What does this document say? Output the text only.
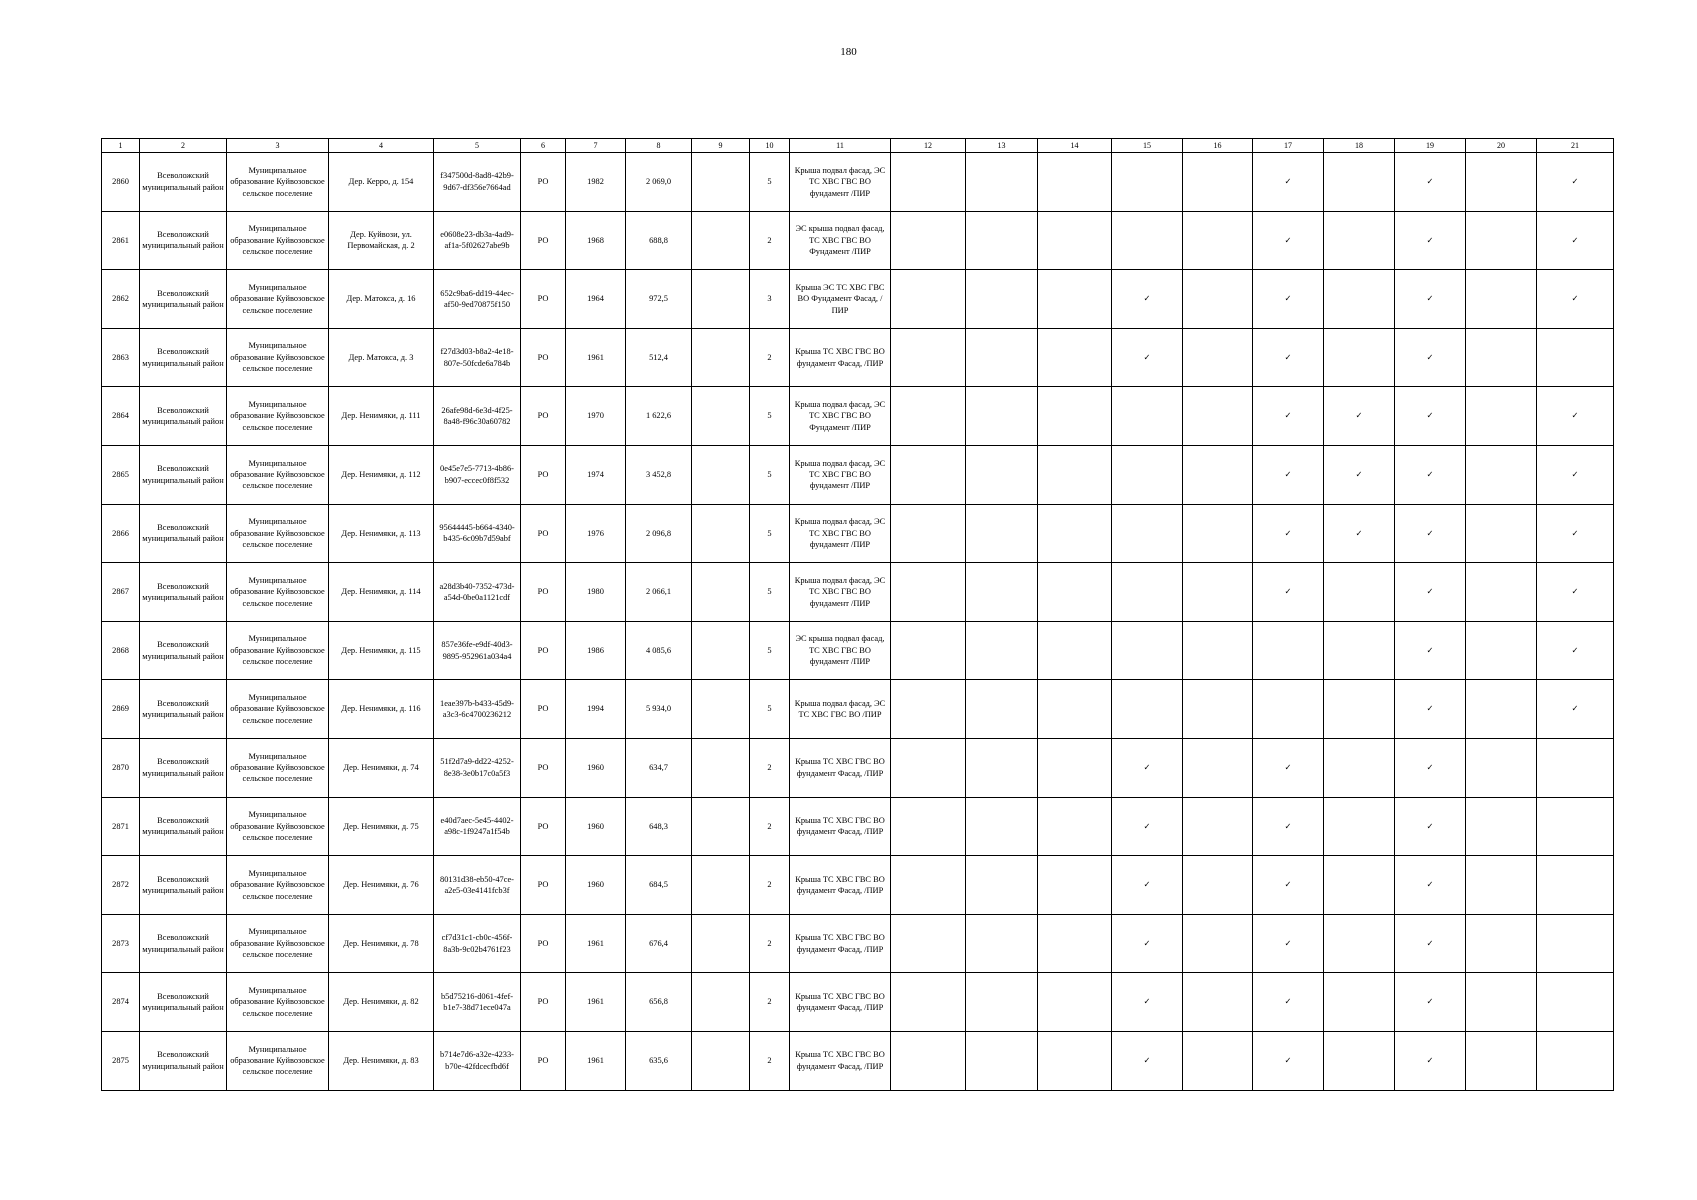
180
1	2	3	4	5	6	7	8	9	10	11	12	13	14	15	16	17	18	19	20	21
2860	Всеволожский муниципальный район	Муниципальное образование Куйвозовское сельское поселение	Дер. Керро, д. 154	f347500d-8ad8-42b9-9d67-df356e7664ad	РО	1982	2 069,0		5	Крыша подвал фасад, ЭС ТС ХВС ГВС ВО фундамент /ПИР						✓		✓		✓
2861	Всеволожский муниципальный район	Муниципальное образование Куйвозовское сельское поселение	Дер. Куйвози, ул. Первомайская, д. 2	e0608e23-db3a-4ad9-af1a-5f02627abe9b	РО	1968	688,8		2	ЭС крыша подвал фасад, ТС ХВС ГВС ВО Фундамент /ПИР						✓		✓		✓
2862	Всеволожский муниципальный район	Муниципальное образование Куйвозовское сельское поселение	Дер. Матокса, д. 16	652c9ba6-dd19-44ec-af50-9ed70875f150	РО	1964	972,5		3	Крыша ЭС ТС ХВС ГВС ВО Фундамент Фасад, /ПИР				✓		✓		✓		✓
2863	Всеволожский муниципальный район	Муниципальное образование Куйвозовское сельское поселение	Дер. Матокса, д. 3	f27d3d03-b8a2-4e18-807e-50fcde6a784b	РО	1961	512,4		2	Крыша ТС ХВС ГВС ВО фундамент Фасад, /ПИР				✓		✓		✓		
2864	Всеволожский муниципальный район	Муниципальное образование Куйвозовское сельское поселение	Дер. Ненимяки, д. 111	26afe98d-6e3d-4f25-8a48-f96c30a60782	РО	1970	1 622,6		5	Крыша подвал фасад, ЭС ТС ХВС ГВС ВО Фундамент /ПИР						✓	✓	✓		✓
2865	Всеволожский муниципальный район	Муниципальное образование Куйвозовское сельское поселение	Дер. Ненимяки, д. 112	0e45e7e5-7713-4b86-b907-eccec0f8f532	РО	1974	3 452,8		5	Крыша подвал фасад, ЭС ТС ХВС ГВС ВО фундамент /ПИР						✓	✓	✓		✓
2866	Всеволожский муниципальный район	Муниципальное образование Куйвозовское сельское поселение	Дер. Ненимяки, д. 113	95644445-b664-4340-b435-6c09b7d59abf	РО	1976	2 096,8		5	Крыша подвал фасад, ЭС ТС ХВС ГВС ВО фундамент /ПИР						✓	✓	✓		✓
2867	Всеволожский муниципальный район	Муниципальное образование Куйвозовское сельское поселение	Дер. Ненимяки, д. 114	a28d3b40-7352-473d-a54d-0be0a1121cdf	РО	1980	2 066,1		5	Крыша подвал фасад, ЭС ТС ХВС ГВС ВО фундамент /ПИР						✓		✓		✓
2868	Всеволожский муниципальный район	Муниципальное образование Куйвозовское сельское поселение	Дер. Ненимяки, д. 115	857e36fe-e9df-40d3-9895-952961a034a4	РО	1986	4 085,6		5	ЭС крыша подвал фасад, ТС ХВС ГВС ВО фундамент /ПИР								✓		✓
2869	Всеволожский муниципальный район	Муниципальное образование Куйвозовское сельское поселение	Дер. Ненимяки, д. 116	1eae397b-b433-45d9-a3c3-6c4700236212	РО	1994	5 934,0		5	Крыша подвал фасад, ЭС ТС ХВС ГВС ВО /ПИР								✓		✓
2870	Всеволожский муниципальный район	Муниципальное образование Куйвозовское сельское поселение	Дер. Ненимяки, д. 74	51f2d7a9-dd22-4252-8e38-3e0b17c0a5f3	РО	1960	634,7		2	Крыша ТС ХВС ГВС ВО фундамент Фасад, /ПИР				✓		✓		✓		
2871	Всеволожский муниципальный район	Муниципальное образование Куйвозовское сельское поселение	Дер. Ненимяки, д. 75	e40d7aec-5e45-4402-a98c-1f9247a1f54b	РО	1960	648,3		2	Крыша ТС ХВС ГВС ВО фундамент Фасад, /ПИР				✓		✓		✓		
2872	Всеволожский муниципальный район	Муниципальное образование Куйвозовское сельское поселение	Дер. Ненимяки, д. 76	80131d38-eb50-47ce-a2e5-03e4141fcb3f	РО	1960	684,5		2	Крыша ТС ХВС ГВС ВО фундамент Фасад, /ПИР				✓		✓		✓		
2873	Всеволожский муниципальный район	Муниципальное образование Куйвозовское сельское поселение	Дер. Ненимяки, д. 78	cf7d31c1-cb0c-456f-8a3b-9c02b4761f23	РО	1961	676,4		2	Крыша ТС ХВС ГВС ВО фундамент Фасад, /ПИР				✓		✓		✓		
2874	Всеволожский муниципальный район	Муниципальное образование Куйвозовское сельское поселение	Дер. Ненимяки, д. 82	b5d75216-d061-4fef-b1e7-38d71ece047a	РО	1961	656,8		2	Крыша ТС ХВС ГВС ВО фундамент Фасад, /ПИР				✓		✓		✓		
2875	Всеволожский муниципальный район	Муниципальное образование Куйвозовское сельское поселение	Дер. Ненимяки, д. 83	b714e7d6-a32e-4233-b70e-42fdcecfbd6f	РО	1961	635,6		2	Крыша ТС ХВС ГВС ВО фундамент Фасад, /ПИР				✓		✓		✓		
